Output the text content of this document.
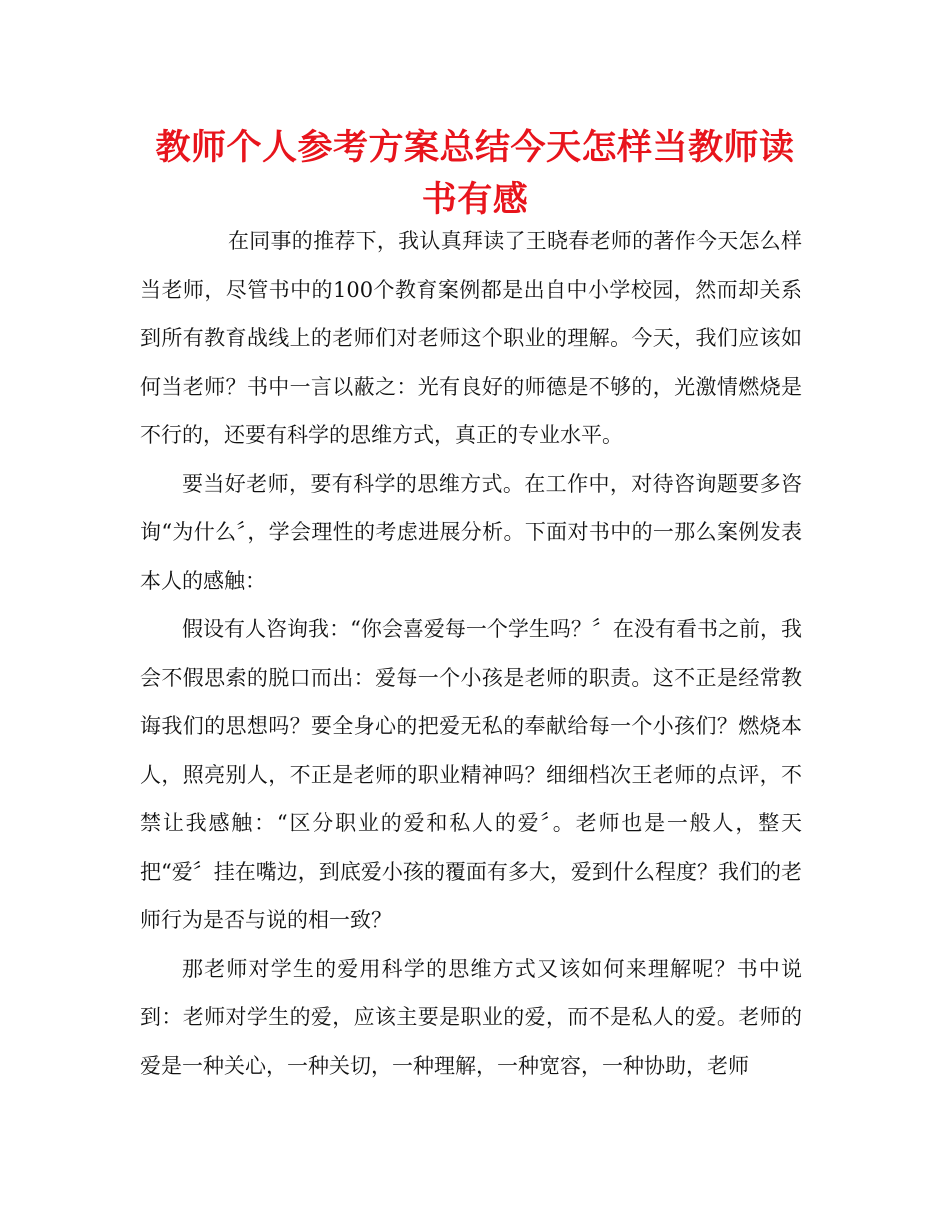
教师个人参考方案总结今天怎样当教师读书有感

在同事的推荐下，我认真拜读了王晓春老师的著作今天怎么样当老师，尽管书中的100个教育案例都是出自中小学校园，然而却关系到所有教育战线上的老师们对老师这个职业的理解。今天，我们应该如何当老师？书中一言以蔽之：光有良好的师德是不够的，光激情燃烧是不行的，还要有科学的思维方式，真正的专业水平。

要当好老师，要有科学的思维方式。在工作中，对待咨询题要多咨询“为什么〞，学会理性的考虑进展分析。下面对书中的一那么案例发表本人的感触：

假设有人咨询我：“你会喜爱每一个学生吗？〞在没有看书之前，我会不假思索的脱口而出：爱每一个小孩是老师的职责。这不正是经常教诲我们的思想吗？要全身心的把爱无私的奉献给每一个小孩们？燃烧本人，照亮别人，不正是老师的职业精神吗？细细档次王老师的点评，不禁让我感触：“区分职业的爱和私人的爱〞。老师也是一般人，整天把“爱〞挂在嘴边，到底爱小孩的覆面有多大，爱到什么程度？我们的老师行为是否与说的相一致？

那老师对学生的爱用科学的思维方式又该如何来理解呢？书中说到：老师对学生的爱，应该主要是职业的爱，而不是私人的爱。老师的爱是一种关心，一种关切，一种理解，一种宽容，一种协助，老师
